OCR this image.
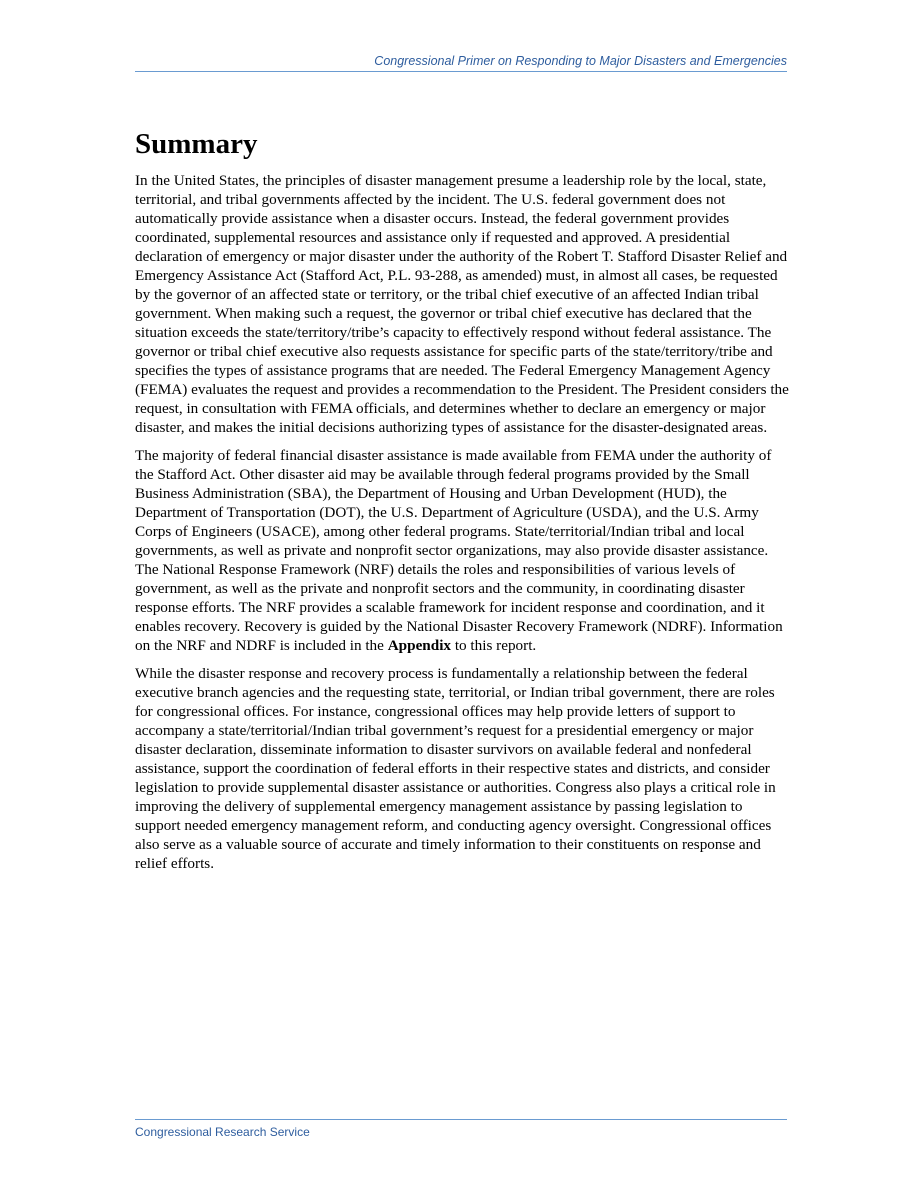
Congressional Primer on Responding to Major Disasters and Emergencies
Summary

In the United States, the principles of disaster management presume a leadership role by the local, state, territorial, and tribal governments affected by the incident. The U.S. federal government does not automatically provide assistance when a disaster occurs. Instead, the federal government provides coordinated, supplemental resources and assistance only if requested and approved. A presidential declaration of emergency or major disaster under the authority of the Robert T. Stafford Disaster Relief and Emergency Assistance Act (Stafford Act, P.L. 93-288, as amended) must, in almost all cases, be requested by the governor of an affected state or territory, or the tribal chief executive of an affected Indian tribal government. When making such a request, the governor or tribal chief executive has declared that the situation exceeds the state/territory/tribe’s capacity to effectively respond without federal assistance. The governor or tribal chief executive also requests assistance for specific parts of the state/territory/tribe and specifies the types of assistance programs that are needed. The Federal Emergency Management Agency (FEMA) evaluates the request and provides a recommendation to the President. The President considers the request, in consultation with FEMA officials, and determines whether to declare an emergency or major disaster, and makes the initial decisions authorizing types of assistance for the disaster-designated areas.

The majority of federal financial disaster assistance is made available from FEMA under the authority of the Stafford Act. Other disaster aid may be available through federal programs provided by the Small Business Administration (SBA), the Department of Housing and Urban Development (HUD), the Department of Transportation (DOT), the U.S. Department of Agriculture (USDA), and the U.S. Army Corps of Engineers (USACE), among other federal programs. State/territorial/Indian tribal and local governments, as well as private and nonprofit sector organizations, may also provide disaster assistance. The National Response Framework (NRF) details the roles and responsibilities of various levels of government, as well as the private and nonprofit sectors and the community, in coordinating disaster response efforts. The NRF provides a scalable framework for incident response and coordination, and it enables recovery. Recovery is guided by the National Disaster Recovery Framework (NDRF). Information on the NRF and NDRF is included in the Appendix to this report.

While the disaster response and recovery process is fundamentally a relationship between the federal executive branch agencies and the requesting state, territorial, or Indian tribal government, there are roles for congressional offices. For instance, congressional offices may help provide letters of support to accompany a state/territorial/Indian tribal government’s request for a presidential emergency or major disaster declaration, disseminate information to disaster survivors on available federal and nonfederal assistance, support the coordination of federal efforts in their respective states and districts, and consider legislation to provide supplemental disaster assistance or authorities. Congress also plays a critical role in improving the delivery of supplemental emergency management assistance by passing legislation to support needed emergency management reform, and conducting agency oversight. Congressional offices also serve as a valuable source of accurate and timely information to their constituents on response and relief efforts.

Congressional Research Service
